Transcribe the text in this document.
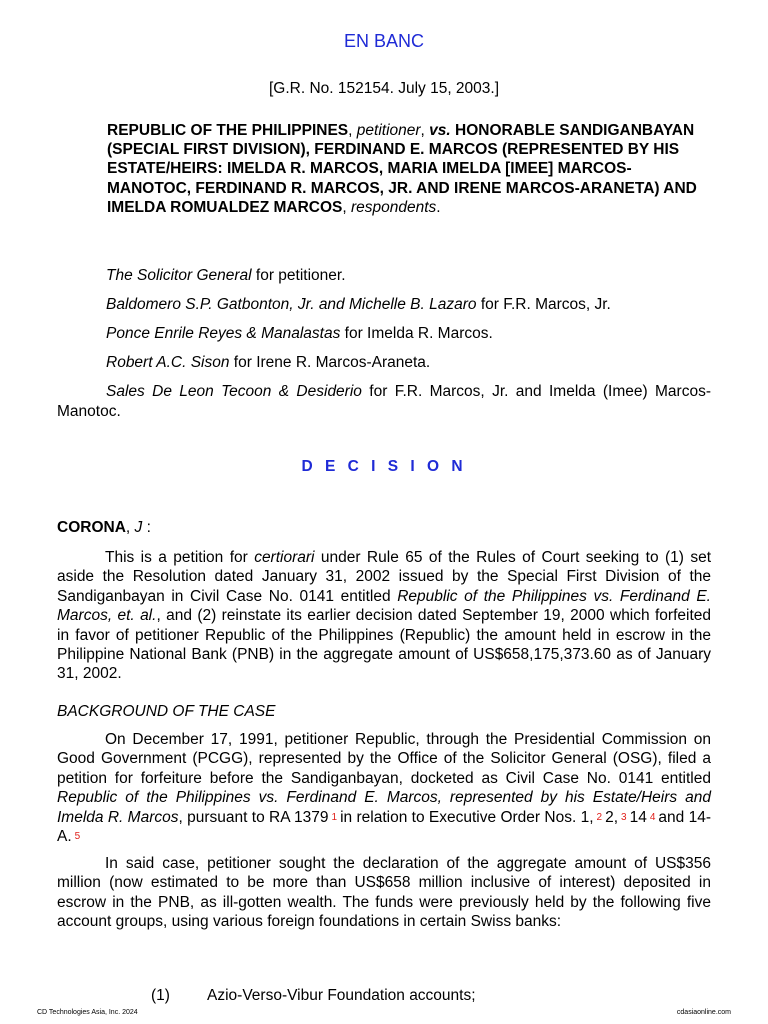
EN BANC
[G.R. No. 152154. July 15, 2003.]
REPUBLIC OF THE PHILIPPINES, petitioner, vs. HONORABLE SANDIGANBAYAN (SPECIAL FIRST DIVISION), FERDINAND E. MARCOS (REPRESENTED BY HIS ESTATE/HEIRS: IMELDA R. MARCOS, MARIA IMELDA [IMEE] MARCOS-MANOTOC, FERDINAND R. MARCOS, JR. AND IRENE MARCOS-ARANETA) AND IMELDA ROMUALDEZ MARCOS, respondents.
The Solicitor General for petitioner.
Baldomero S.P. Gatbonton, Jr. and Michelle B. Lazaro for F.R. Marcos, Jr.
Ponce Enrile Reyes & Manalastas for Imelda R. Marcos.
Robert A.C. Sison for Irene R. Marcos-Araneta.
Sales De Leon Tecoon & Desiderio for F.R. Marcos, Jr. and Imelda (Imee) Marcos-Manotoc.
D E C I S I O N
CORONA, J :

This is a petition for certiorari under Rule 65 of the Rules of Court seeking to (1) set aside the Resolution dated January 31, 2002 issued by the Special First Division of the Sandiganbayan in Civil Case No. 0141 entitled Republic of the Philippines vs. Ferdinand E. Marcos, et. al., and (2) reinstate its earlier decision dated September 19, 2000 which forfeited in favor of petitioner Republic of the Philippines (Republic) the amount held in escrow in the Philippine National Bank (PNB) in the aggregate amount of US$658,175,373.60 as of January 31, 2002.

BACKGROUND OF THE CASE

On December 17, 1991, petitioner Republic, through the Presidential Commission on Good Government (PCGG), represented by the Office of the Solicitor General (OSG), filed a petition for forfeiture before the Sandiganbayan, docketed as Civil Case No. 0141 entitled Republic of the Philippines vs. Ferdinand E. Marcos, represented by his Estate/Heirs and Imelda R. Marcos, pursuant to RA 1379 1 in relation to Executive Order Nos. 1, 2 2, 3 14 4 and 14-A. 5

In said case, petitioner sought the declaration of the aggregate amount of US$356 million (now estimated to be more than US$658 million inclusive of interest) deposited in escrow in the PNB, as ill-gotten wealth. The funds were previously held by the following five account groups, using various foreign foundations in certain Swiss banks:

(1) Azio-Verso-Vibur Foundation accounts;
CD Technologies Asia, Inc. 2024	cdasiaonline.com
